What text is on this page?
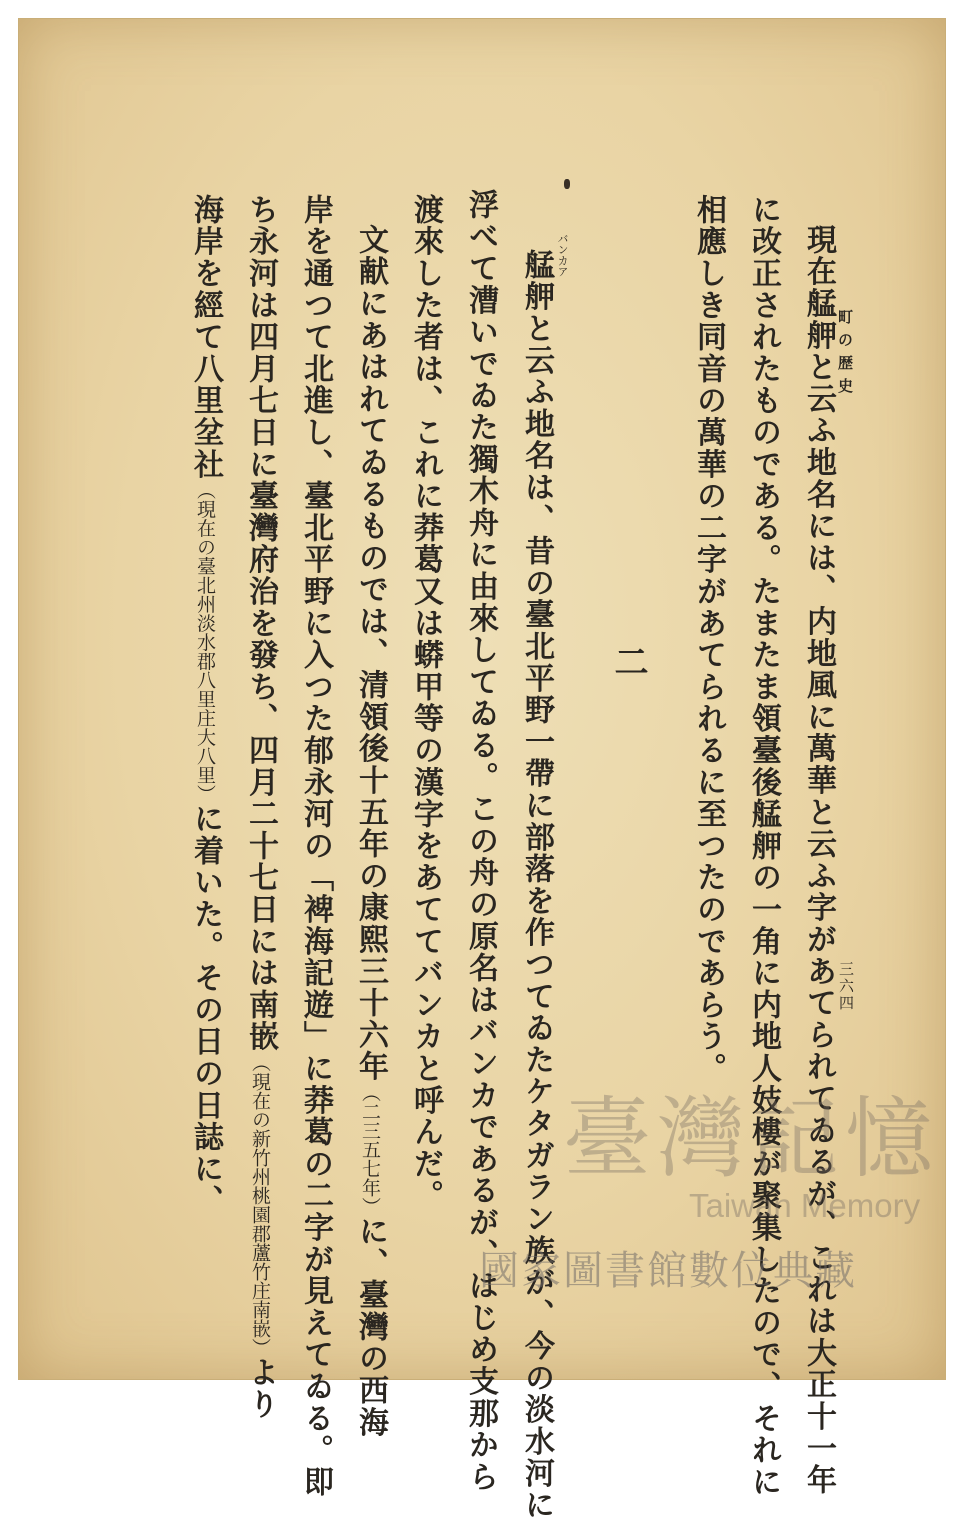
町の歴史
現在艋舺と云ふ地名には、内地風に萬華と云ふ字があてられてゐるが、これは大正十一年
に改正されたものである。たまたま領臺後艋舺の一角に内地人妓樓が聚集したので、それに
相應しき同音の萬華の二字があてられるに至つたのであらう。	三六四
二
バンカア
艋舺と云ふ地名は、昔の臺北平野一帶に部落を作つてゐたケタガラン族が、今の淡水河に
浮べて漕いでゐた獨木舟に由來してゐる。この舟の原名はバンカであるが、はじめ支那から
渡來した者は、これに莽葛又は蟒甲等の漢字をあててバンカと呼んだ。
文献にあはれてゐるものでは、清領後十五年の康熙三十六年（二三五七年）に、臺灣の西海
岸を通つて北進し、臺北平野に入つた郁永河の「裨海記遊」に莽葛の二字が見えてゐる。即
ち永河は四月七日に臺灣府治を發ち、四月二十七日には南嵌（現在の新竹州桃園郡蘆竹庄南嵌）より
海岸を經て八里坌社（現在の臺北州淡水郡八里庄大八里）に着いた。その日の日誌に、	臺灣記憶
Taiwan Memory
國家圖書館數位典藏
